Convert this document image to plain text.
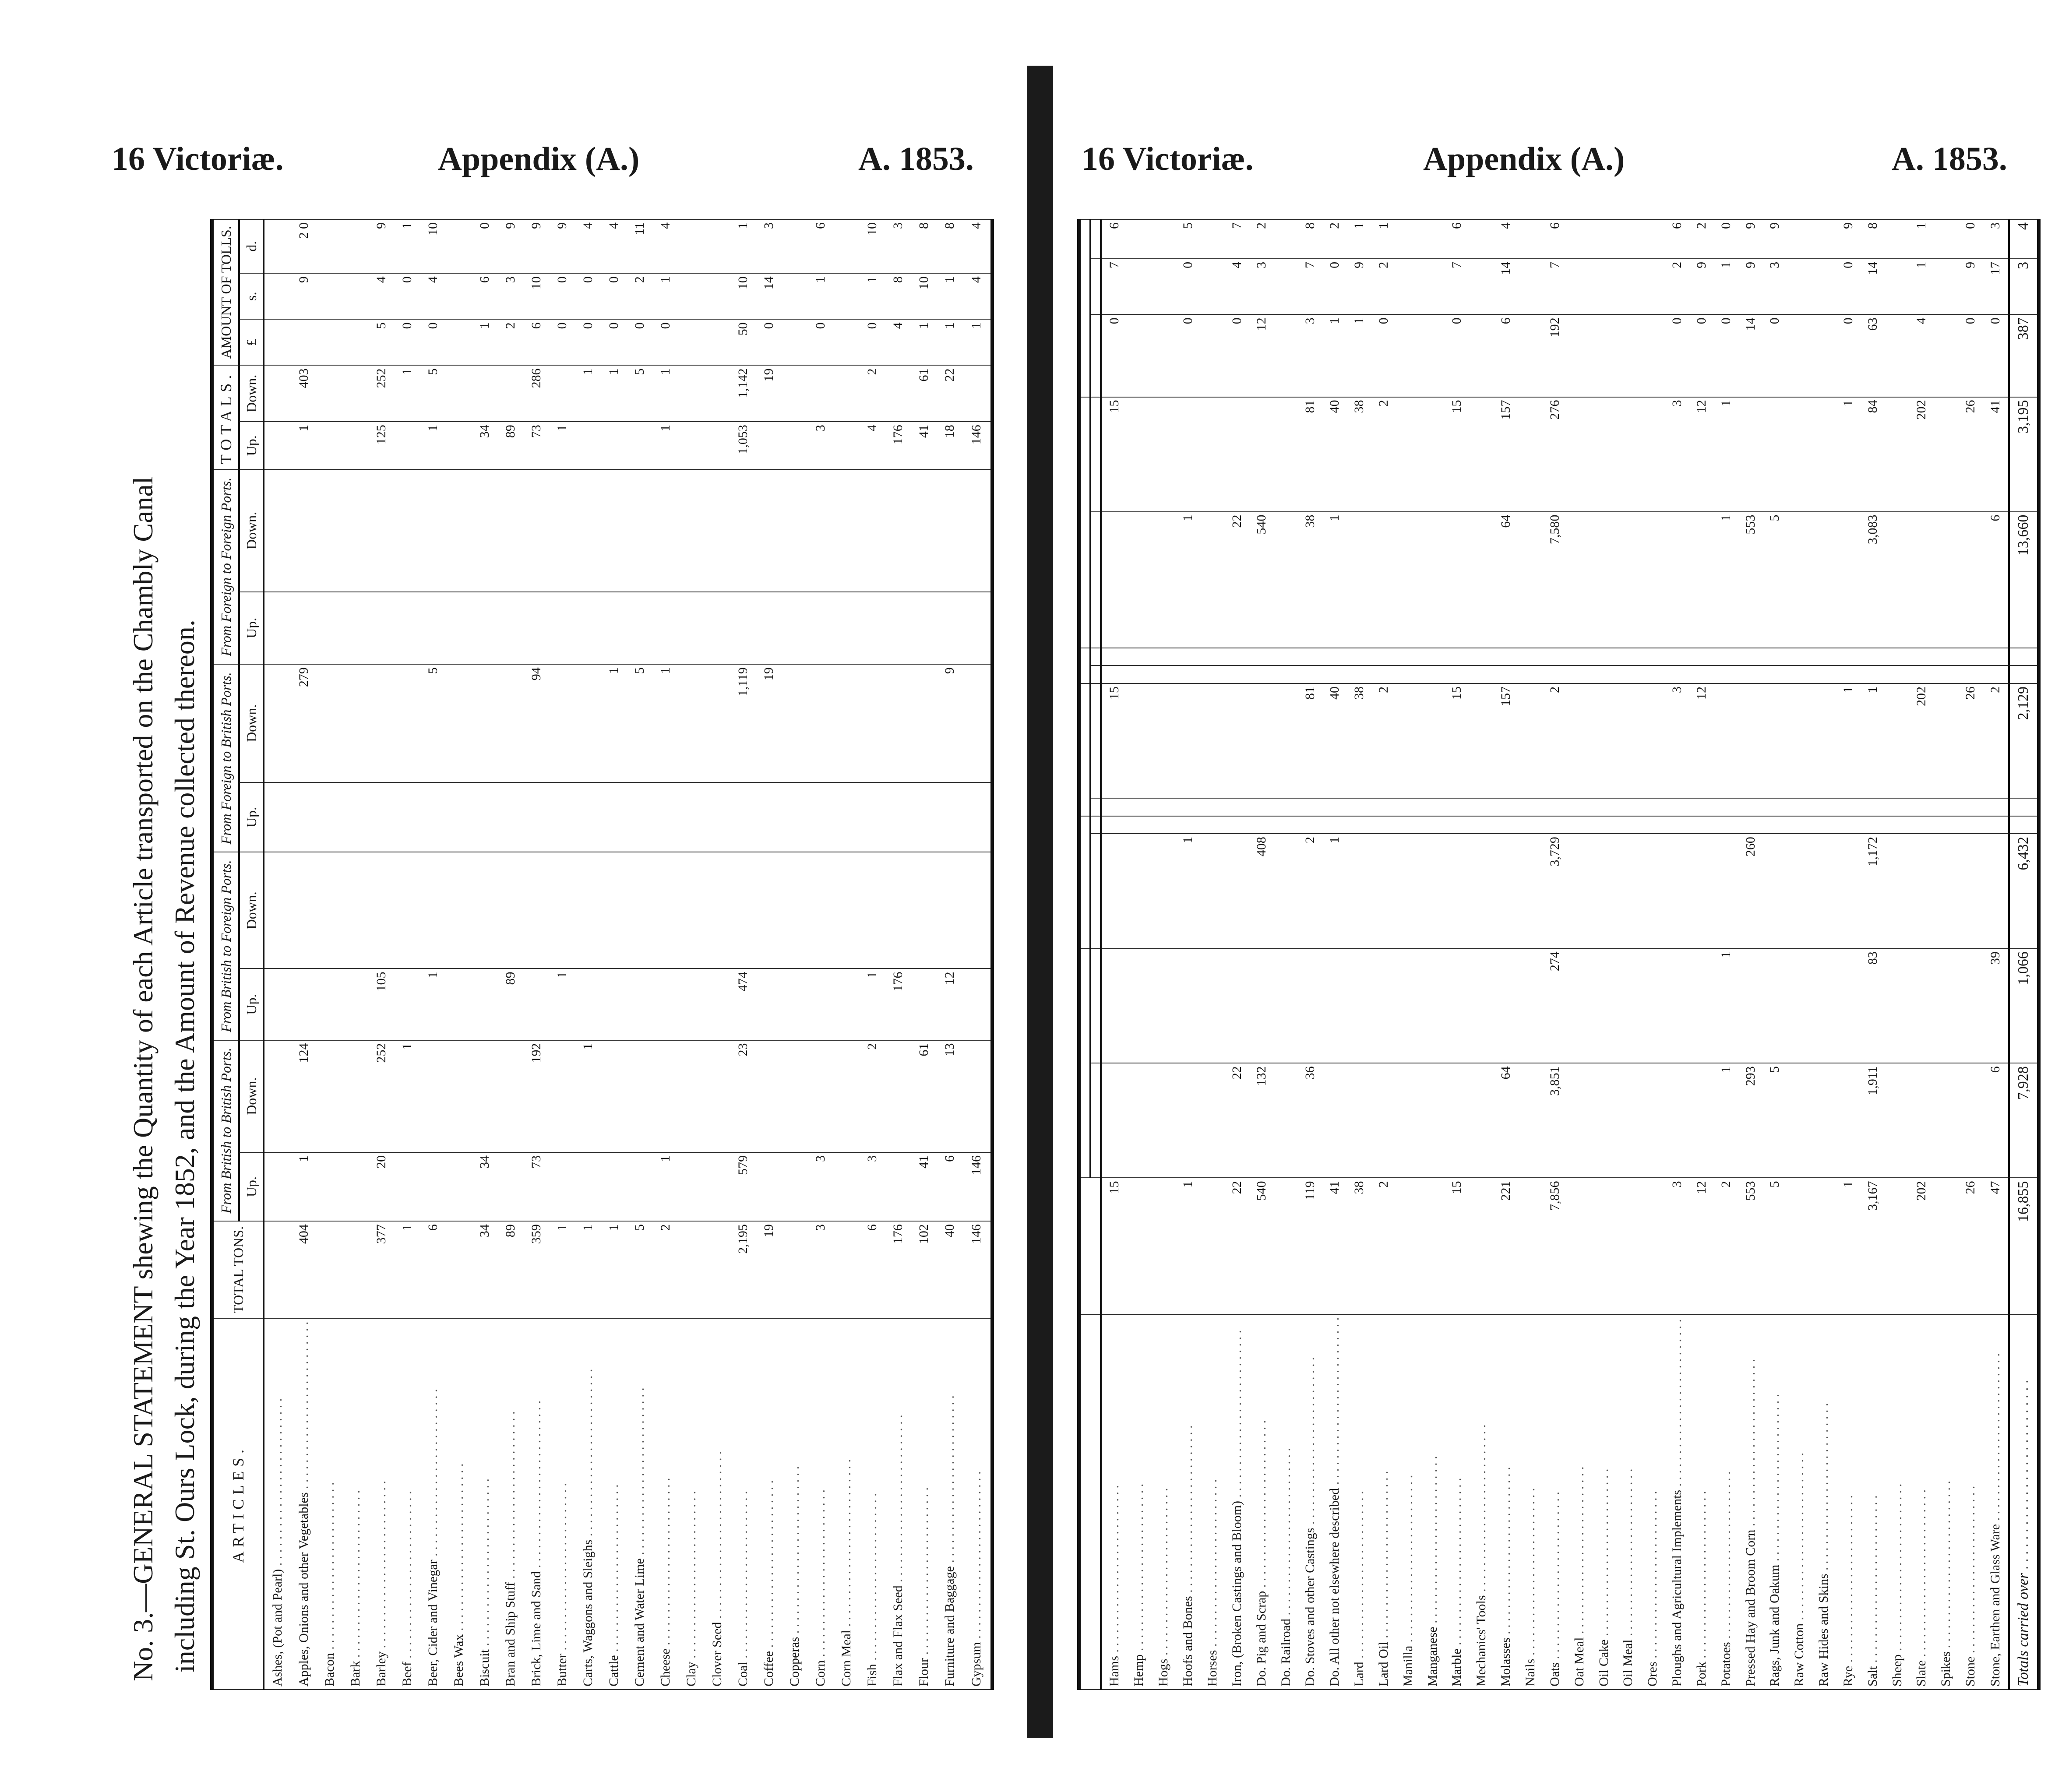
16 Victoriæ.	Appendix (A.)	A. 1853.
No. 3.—GENERAL STATEMENT shewing the Quantity of each Article transported on the Chambly Canal including St. Ours Lock, during the Year 1852, and the Amount of Revenue collected thereon. ARTICLES.	TOTAL TONS.	From British to British Ports.		From British to Foreign Ports.		From Foreign to British Ports.		From Foreign to Foreign Ports.		TOTALS.		AMOUNT OF TOLLS.		
		Up.	Down.	Up.	Down.	Up.	Down.	Up.	Down.	Up.	Down.	£	s.	d.
Ashes, (Pot and Pearl) . . .														
Apples, Onions and other Vegetables . . .	404	1	124				279			1	403		9	2 0
Bacon . . .														
Bark . . .														
Barley . . .	377	20	252	105						125	252	5	4	9
Beef . . .	1		1								1	0	0	1
Beer, Cider and Vinegar . . .	6			1			5			1	5	0	4	10
Bees Wax . . .														
Biscuit . . .	34	34								34		1	6	0
Bran and Ship Stuff . . .	89			89						89		2	3	9
Brick, Lime and Sand . . .	359	73	192				94			73	286	6	10	9
Butter . . .	1			1						1		0	0	9
Carts, Waggons and Sleighs . . .	1		1								1	0	0	4
Cattle . . .	1						1				1	0	0	4
Cement and Water Lime . . .	5						5				5	0	2	11
Cheese . . .	2	1					1			1	1	0	1	4
Clay . . .														
Clover Seed . . .														
Coal . . .	2,195	579	23	474			1,119			1,053	1,142	50	10	1
Coffee . . .	19						19				19	0	14	3
Copperas . . .														
Corn . . .	3	3								3		0	1	6
Corn Meal . . .														
Fish . . .	6	3	2	1						4	2	0	1	10
Flax and Flax Seed . . .	176			176						176		4	8	3
Flour . . .	102	41	61							41	61	1	10	8
Furniture and Baggage . . .	40	6	13	12			9			18	22	1	1	8
Gypsum . . .	146	146								146		1	4	4
16 Victoriæ.	Appendix (A.)	A. 1853.

Hams . . .	15						15				15	0	7	6
Hemp . . .														
Hogs . . .														
Hoofs and Bones . . .	1			1						1		0	0	5
Horses . . .														
Iron, (Broken Castings and Bloom) . . .	22	22								22		0	4	7
Do. Pig and Scrap . . .	540	132		408						540		12	3	2
Do. Railroad . . .														
Do. Stoves and other Castings . . .	119	36		2			81			38	81	3	7	8
Do. All other not elsewhere described . . .	41			1			40			1	40	1	0	2
Lard . . .	38						38				38	1	9	1
Lard Oil . . .	2						2				2	0	2	1
Manilla . . .														
Manganese . . .														
Marble . . .	15						15				15	0	7	6
Mechanics' Tools . . .														
Molasses . . .	221	64					157			64	157	6	14	4
Nails . . .														
Oats . . .	7,856	3,851	274	3,729			2			7,580	276	192	7	6
Oat Meal . . .														
Oil Cake . . .														
Oil Meal . . .														
Ores . . .														
Ploughs and Agricultural Implements . . .	3						3				3	0	2	6
Pork . . .	12						12				12	0	9	2
Potatoes . . .	2	1	1							1	1	0	1	0
Pressed Hay and Broom Corn . . .	553	293		260						553		14	9	9
Rags, Junk and Oakum . . .	5	5								5		0	3	9
Raw Cotton . . .														
Raw Hides and Skins . . .														
Rye . . .	1						1				1	0	0	9
Salt . . .	3,167	1,911	83	1,172			1			3,083	84	63	14	8
Sheep . . .														
Slate . . .	202						202				202	4	1	1
Spikes . . .														
Stone . . .	26						26				26	0	9	0
Stone, Earthen and Glass Ware . . .	47	6	39				2			6	41	0	17	3
Totals carried over . . .	16,855	7,928	1,066	6,432			2,129			13,660	3,195	387	3	4
